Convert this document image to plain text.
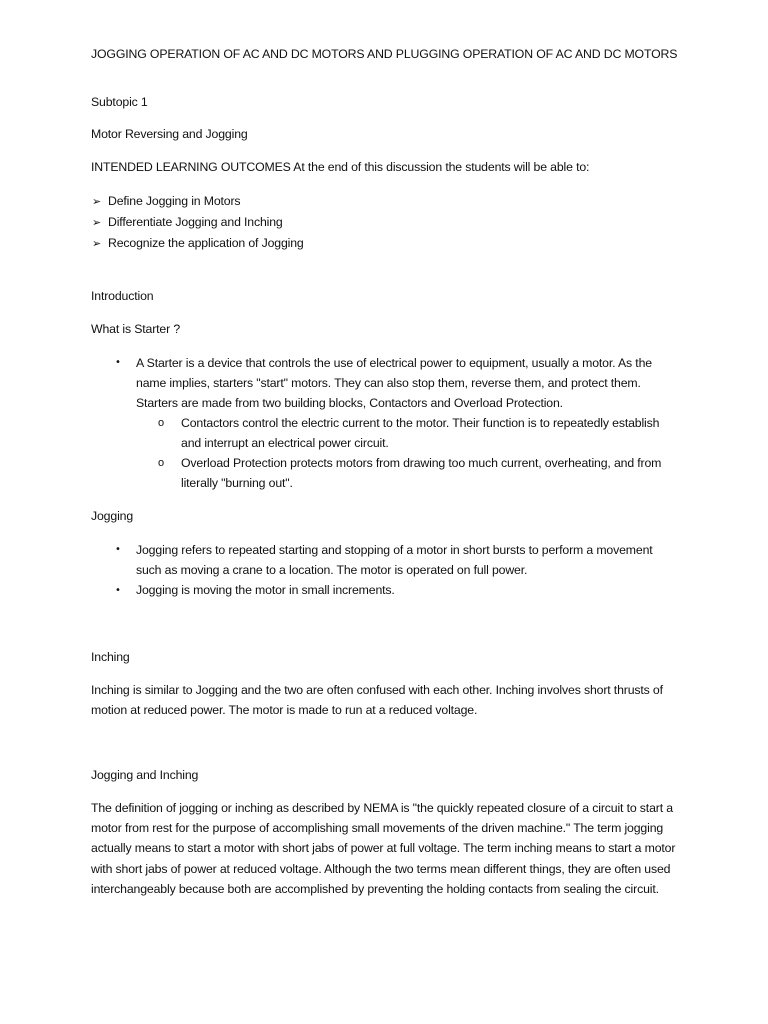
JOGGING OPERATION OF AC AND DC MOTORS AND PLUGGING OPERATION OF AC AND DC MOTORS
Subtopic 1
Motor Reversing and Jogging
INTENDED LEARNING OUTCOMES At the end of this discussion the students will be able to:
➢ Define Jogging in Motors
➢ Differentiate Jogging and Inching
➢ Recognize the application of Jogging
Introduction
What is Starter ?
• A Starter is a device that controls the use of electrical power to equipment, usually a motor. As the name implies, starters "start" motors. They can also stop them, reverse them, and protect them. Starters are made from two building blocks, Contactors and Overload Protection.
o Contactors control the electric current to the motor. Their function is to repeatedly establish and interrupt an electrical power circuit.
o Overload Protection protects motors from drawing too much current, overheating, and from literally "burning out".
Jogging
• Jogging refers to repeated starting and stopping of a motor in short bursts to perform a movement such as moving a crane to a location. The motor is operated on full power.
• Jogging is moving the motor in small increments.
Inching
Inching is similar to Jogging and the two are often confused with each other. Inching involves short thrusts of motion at reduced power. The motor is made to run at a reduced voltage.
Jogging and Inching
The definition of jogging or inching as described by NEMA is "the quickly repeated closure of a circuit to start a motor from rest for the purpose of accomplishing small movements of the driven machine." The term jogging actually means to start a motor with short jabs of power at full voltage. The term inching means to start a motor with short jabs of power at reduced voltage. Although the two terms mean different things, they are often used interchangeably because both are accomplished by preventing the holding contacts from sealing the circuit.
